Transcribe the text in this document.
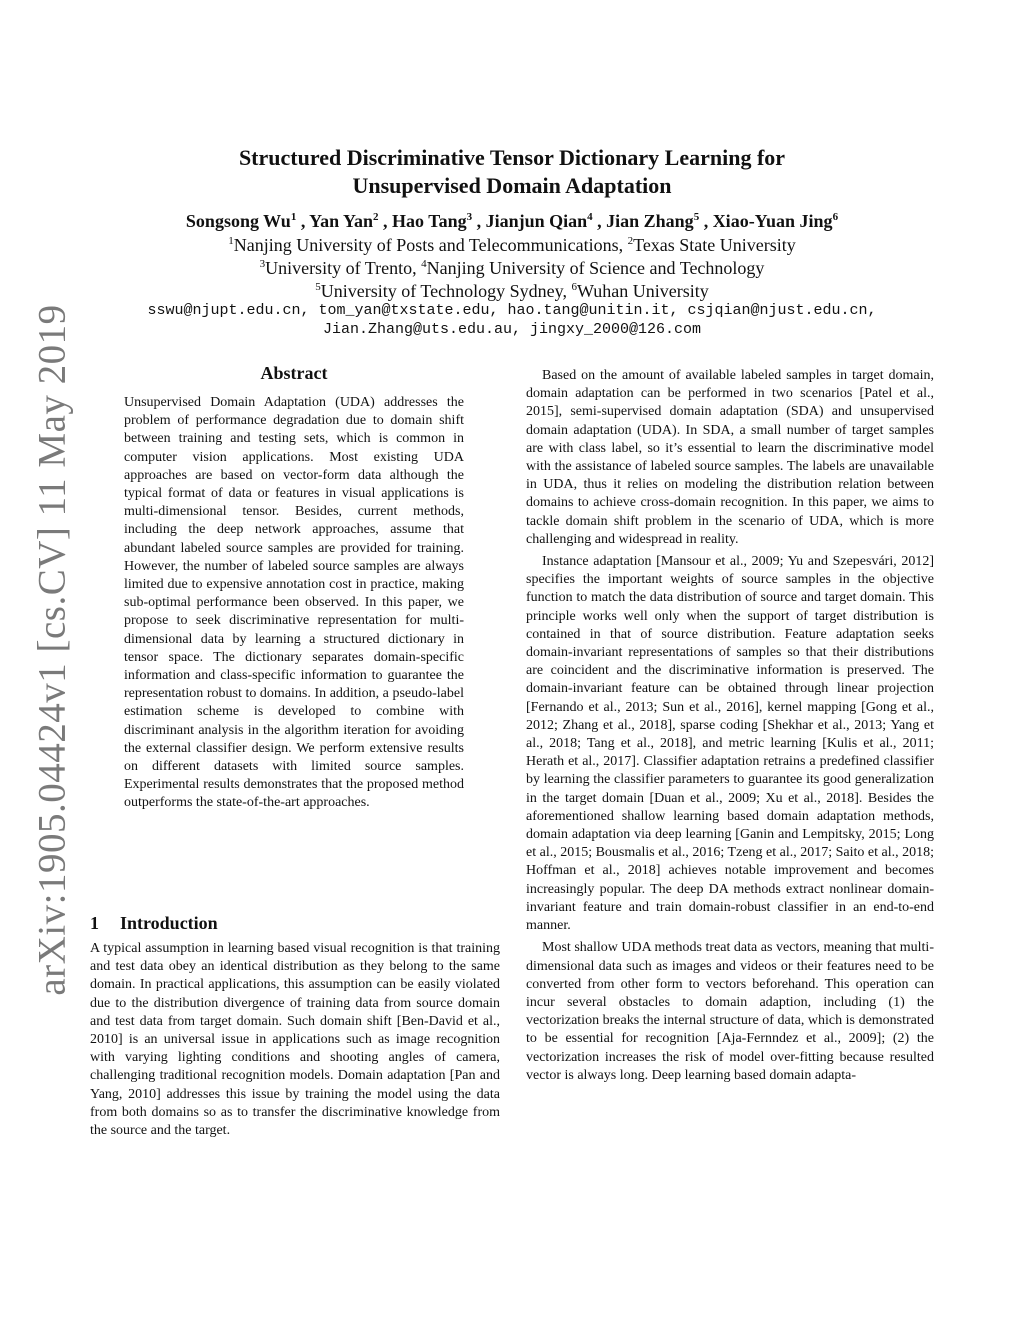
arXiv:1905.04424v1 [cs.CV] 11 May 2019
Structured Discriminative Tensor Dictionary Learning for
Unsupervised Domain Adaptation
Songsong Wu$^1$ , Yan Yan$^2$ , Hao Tang$^3$ , Jianjun Qian$^4$ , Jian Zhang$^5$ , Xiao-Yuan Jing$^6$
$^1$Nanjing University of Posts and Telecommunications, $^2$Texas State University
$^3$University of Trento, $^4$Nanjing University of Science and Technology
$^5$University of Technology Sydney, $^6$Wuhan University
sswu@njupt.edu.cn, tom_yan@txstate.edu, hao.tang@unitin.it, csjqian@njust.edu.cn,
Jian.Zhang@uts.edu.au, jingxy_2000@126.com
Abstract

Unsupervised Domain Adaptation (UDA) addresses the problem of performance degradation due to domain shift between training and testing sets, which is common in computer vision applications. Most existing UDA approaches are based on vector-form data although the typical format of data or features in visual applications is multi-dimensional tensor. Besides, current methods, including the deep network approaches, assume that abundant labeled source samples are provided for training. However, the number of labeled source samples are always limited due to expensive annotation cost in practice, making sub-optimal performance been observed. In this paper, we propose to seek discriminative representation for multi-dimensional data by learning a structured dictionary in tensor space. The dictionary separates domain-specific information and class-specific information to guarantee the representation robust to domains. In addition, a pseudo-label estimation scheme is developed to combine with discriminant analysis in the algorithm iteration for avoiding the external classifier design. We perform extensive results on different datasets with limited source samples. Experimental results demonstrates that the proposed method outperforms the state-of-the-art approaches.

1 Introduction

A typical assumption in learning based visual recognition is that training and test data obey an identical distribution as they belong to the same domain. In practical applications, this assumption can be easily violated due to the distribution divergence of training data from source domain and test data from target domain. Such domain shift [Ben-David et al., 2010] is an universal issue in applications such as image recognition with varying lighting conditions and shooting angles of camera, challenging traditional recognition models. Domain adaptation [Pan and Yang, 2010] addresses this issue by training the model using the data from both domains so as to transfer the discriminative knowledge from the source and the target.

Based on the amount of available labeled samples in target domain, domain adaptation can be performed in two scenarios [Patel et al., 2015], semi-supervised domain adaptation (SDA) and unsupervised domain adaptation (UDA). In SDA, a small number of target samples are with class label, so it’s essential to learn the discriminative model with the assistance of labeled source samples. The labels are unavailable in UDA, thus it relies on modeling the distribution relation between domains to achieve cross-domain recognition. In this paper, we aims to tackle domain shift problem in the scenario of UDA, which is more challenging and widespread in reality.

Instance adaptation [Mansour et al., 2009; Yu and Szepesvári, 2012] specifies the important weights of source samples in the objective function to match the data distribution of source and target domain. This principle works well only when the support of target distribution is contained in that of source distribution. Feature adaptation seeks domain-invariant representations of samples so that their distributions are coincident and the discriminative information is preserved. The domain-invariant feature can be obtained through linear projection [Fernando et al., 2013; Sun et al., 2016], kernel mapping [Gong et al., 2012; Zhang et al., 2018], sparse coding [Shekhar et al., 2013; Yang et al., 2018; Tang et al., 2018], and metric learning [Kulis et al., 2011; Herath et al., 2017]. Classifier adaptation retrains a predefined classifier by learning the classifier parameters to guarantee its good generalization in the target domain [Duan et al., 2009; Xu et al., 2018]. Besides the aforementioned shallow learning based domain adaptation methods, domain adaptation via deep learning [Ganin and Lempitsky, 2015; Long et al., 2015; Bousmalis et al., 2016; Tzeng et al., 2017; Saito et al., 2018; Hoffman et al., 2018] achieves notable improvement and becomes increasingly popular. The deep DA methods extract nonlinear domain-invariant feature and train domain-robust classifier in an end-to-end manner.

Most shallow UDA methods treat data as vectors, meaning that multi-dimensional data such as images and videos or their features need to be converted from other form to vectors beforehand. This operation can incur several obstacles to domain adaption, including (1) the vectorization breaks the internal structure of data, which is demonstrated to be essential for recognition [Aja-Fernndez et al., 2009]; (2) the vectorization increases the risk of model over-fitting because resulted vector is always long. Deep learning based domain adapta-
